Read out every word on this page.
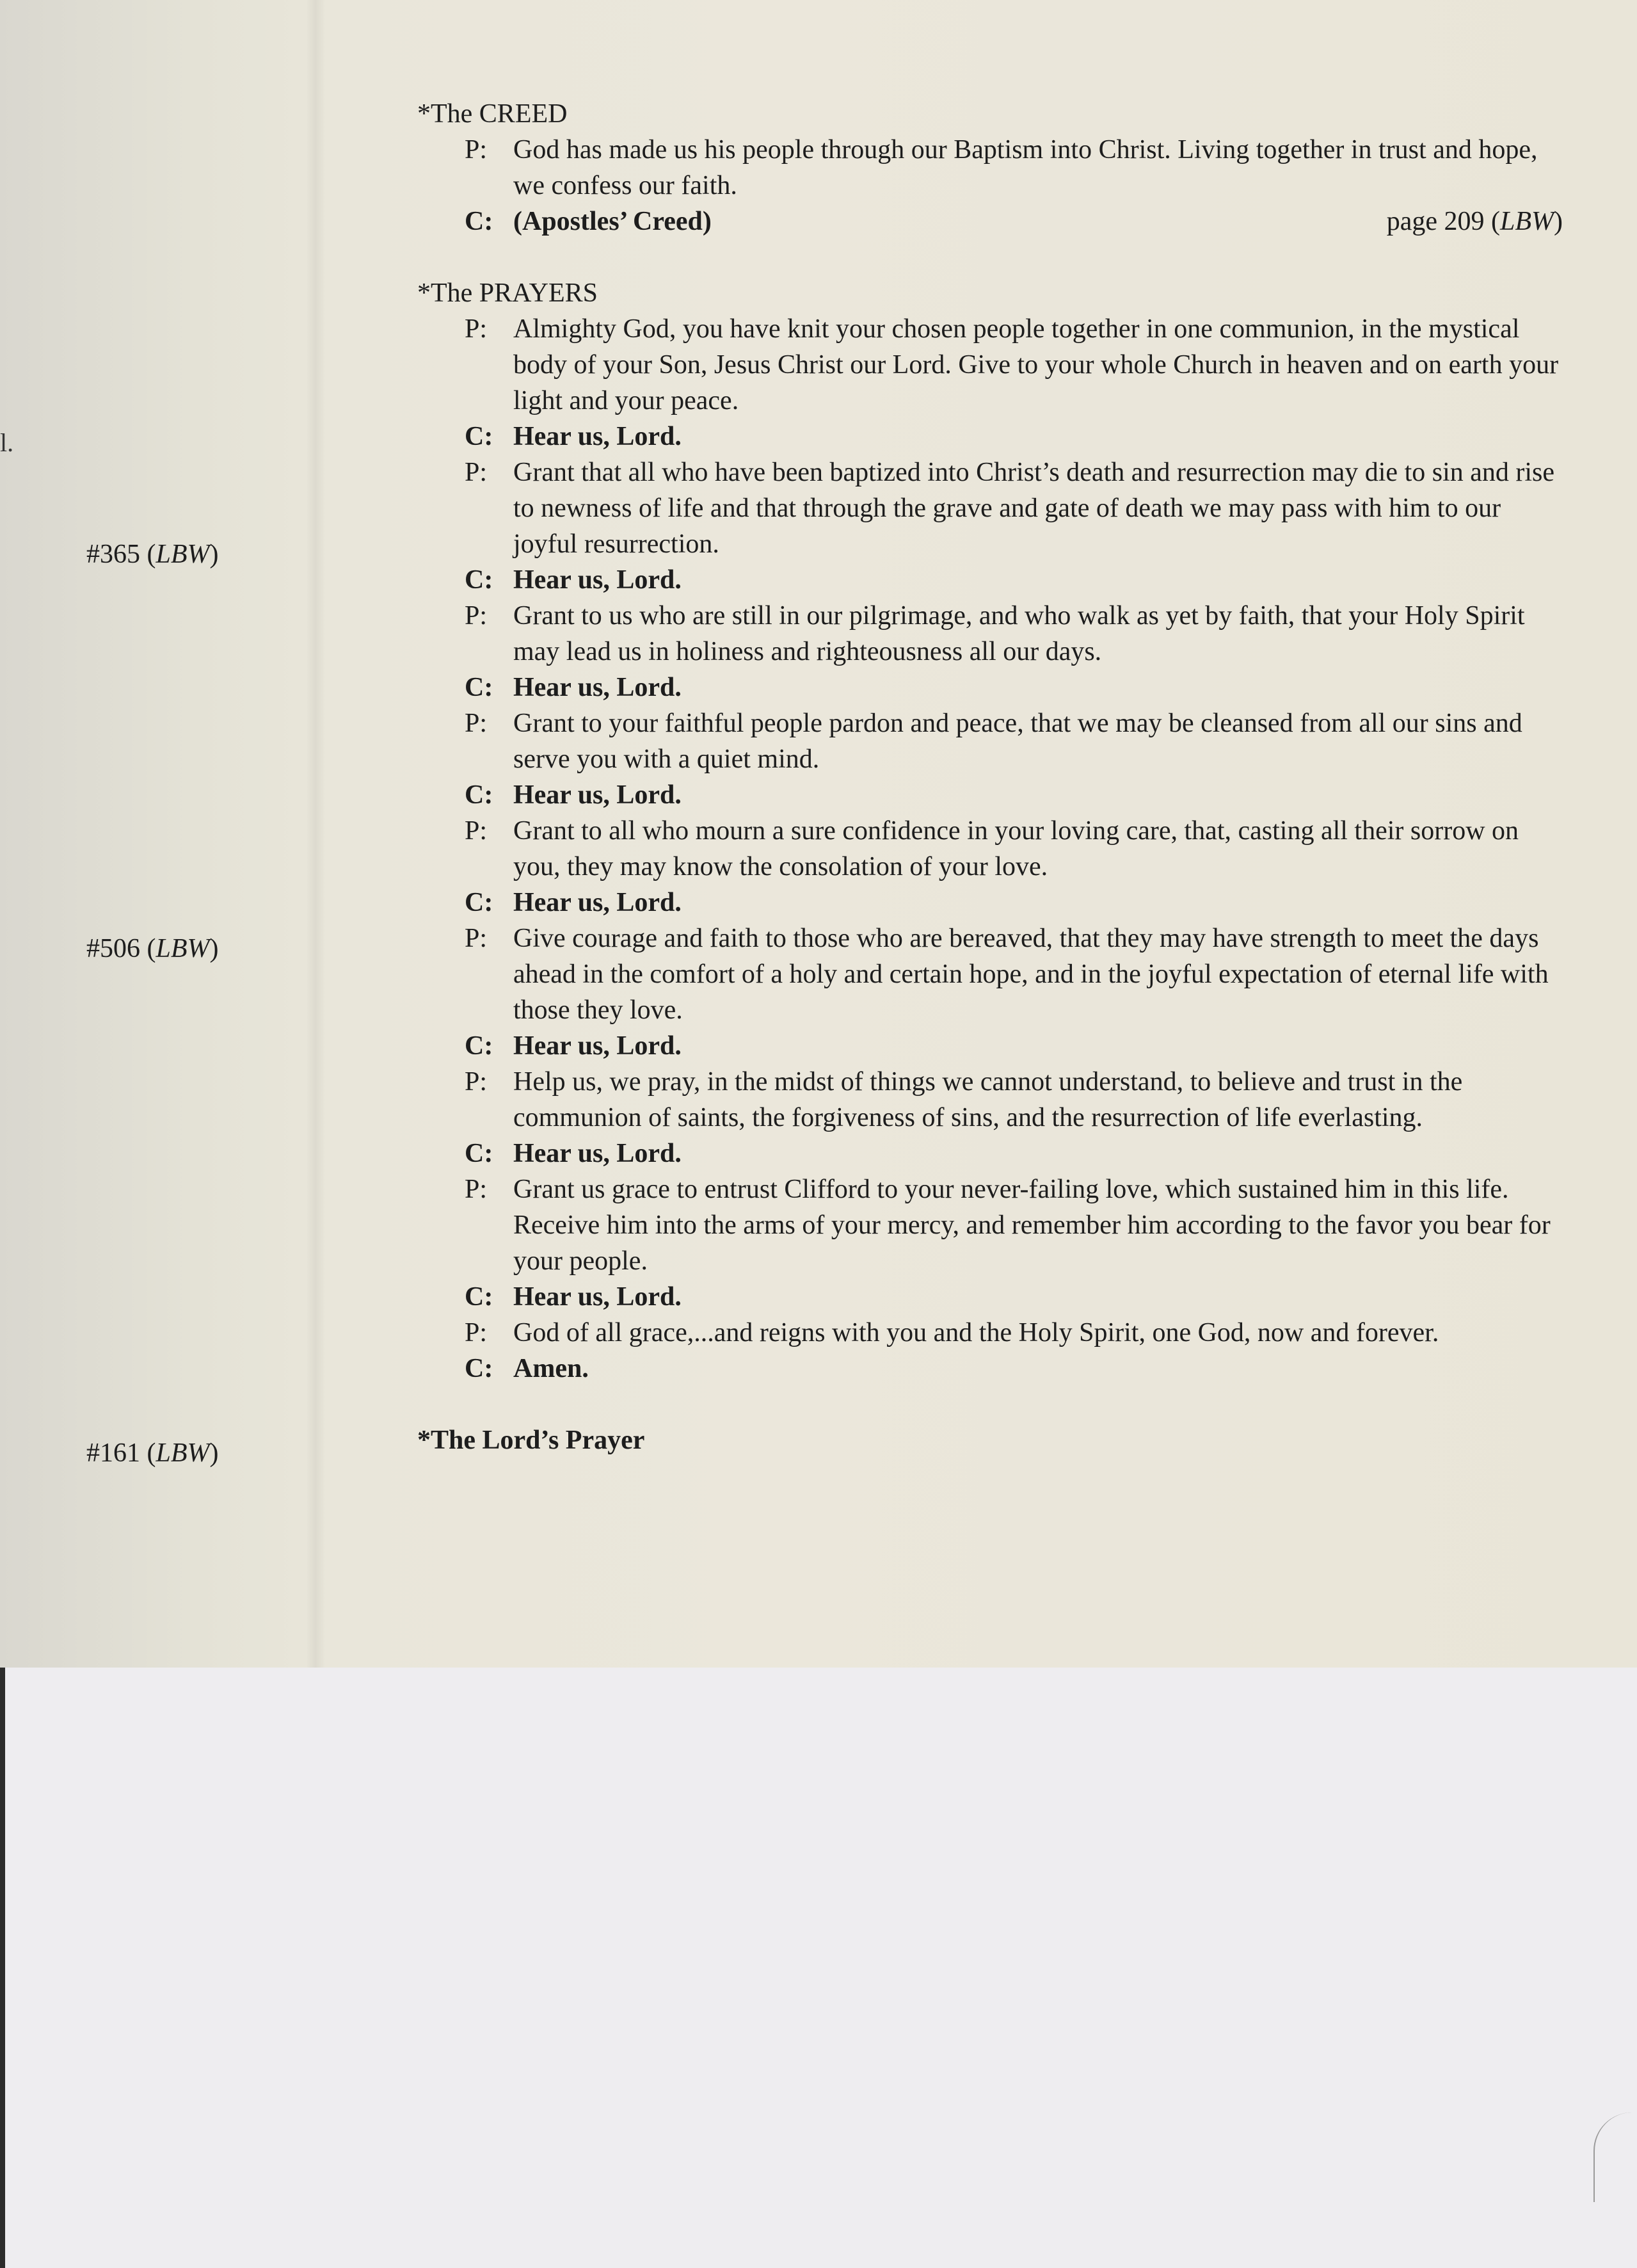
l.
#365 (LBW)
#506 (LBW)
#161 (LBW)

*The CREED

P: God has made us his people through our Baptism into Christ. Living together in trust and hope, we confess our faith.
C: (Apostles’ Creed)	page 209 (LBW)

*The PRAYERS

P: Almighty God, you have knit your chosen people together in one communion, in the mystical body of your Son, Jesus Christ our Lord. Give to your whole Church in heaven and on earth your light and your peace.
C: Hear us, Lord.
P: Grant that all who have been baptized into Christ’s death and resurrection may die to sin and rise to newness of life and that through the grave and gate of death we may pass with him to our joyful resurrection.
C: Hear us, Lord.
P: Grant to us who are still in our pilgrimage, and who walk as yet by faith, that your Holy Spirit may lead us in holiness and righteousness all our days.
C: Hear us, Lord.
P: Grant to your faithful people pardon and peace, that we may be cleansed from all our sins and serve you with a quiet mind.
C: Hear us, Lord.
P: Grant to all who mourn a sure confidence in your loving care, that, casting all their sorrow on you, they may know the consolation of your love.
C: Hear us, Lord.
P: Give courage and faith to those who are bereaved, that they may have strength to meet the days ahead in the comfort of a holy and certain hope, and in the joyful expectation of eternal life with those they love.
C: Hear us, Lord.
P: Help us, we pray, in the midst of things we cannot understand, to believe and trust in the communion of saints, the forgiveness of sins, and the resurrection of life everlasting.
C: Hear us, Lord.
P: Grant us grace to entrust Clifford to your never-failing love, which sustained him in this life. Receive him into the arms of your mercy, and remember him according to the favor you bear for your people.
C: Hear us, Lord.
P: God of all grace,...and reigns with you and the Holy Spirit, one God, now and forever.
C: Amen.

*The Lord’s Prayer
